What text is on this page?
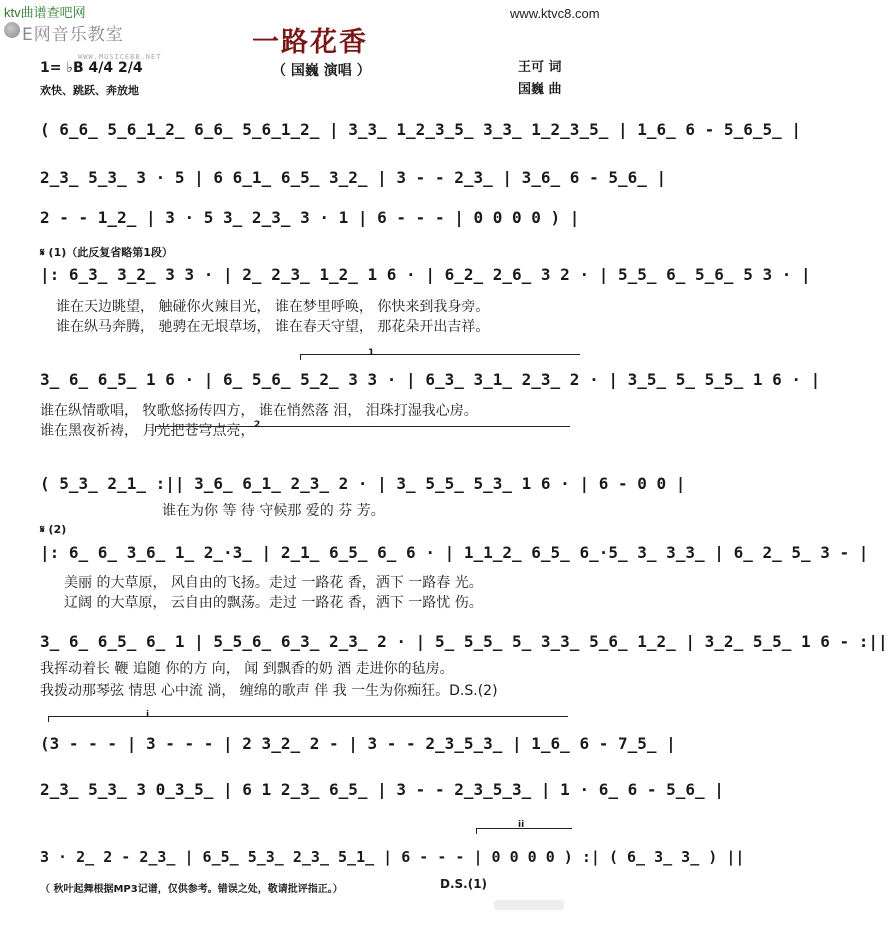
ktv曲谱查吧网
E网音乐教室
WWW.MUSICEBB.NET
www.ktvc8.com
一路花香
（ 国巍 演唱 ）	王可 词
国巍 曲
1= ♭B 4/4 2/4
欢快、跳跃、奔放地
( 6̲6̲ 5̲6̲1̲2̲ 6̲6̲ 5̲6̲1̲2̲ | 3̲3̲ 1̲2̲3̲5̲ 3̲3̲ 1̲2̲3̲5̲ | 1̲6̲ 6 - 5̲6̲5̲ |
2̲3̲ 5̲3̲ 3 · 5 | 6 6̲1̲ 6̲5̲ 3̲2̲ | 3 - - 2̲3̲ | 3̲6̲ 6 - 5̲6̲ |
2 - - 1̲2̲ | 3 · 5 3̲ 2̲3̲ 3 · 1 | 6 - - - | 0 0 0 0 ) |
𝄋 (1)（此反复省略第1段）
|: 6̲3̲ 3̲2̲ 3 3 · | 2̲ 2̲3̲ 1̲2̲ 1 6 · | 6̲2̲ 2̲6̲ 3 2 · | 5̲5̲ 6̲ 5̲6̲ 5 3 · |
谁在天边眺望， 触碰你火辣目光， 谁在梦里呼唤， 你快来到我身旁。
谁在纵马奔腾， 驰骋在无垠草场， 谁在春天守望， 那花朵开出吉祥。
1
3̲ 6̲ 6̲5̲ 1 6 · | 6̲ 5̲6̲ 5̲2̲ 3 3 · | 6̲3̲ 3̲1̲ 2̲3̲ 2 · | 3̲5̲ 5̲ 5̲5̲ 1 6 · |
谁在纵情歌唱， 牧歌悠扬传四方， 谁在悄然落 泪， 泪珠打湿我心房。
谁在黑夜祈祷， 月光把苍穹点亮， 2
( 5̲3̲ 2̲1̲ :|| 3̲6̲ 6̲1̲ 2̲3̲ 2 · | 3̲ 5̲5̲ 5̲3̲ 1 6 · | 6 - 0 0 |
谁在为你 等 待 守候那 爱的 芬 芳。
𝄋 (2)
|: 6̲ 6̲ 3̲6̲ 1̲ 2̲·3̲ | 2̲1̲ 6̲5̲ 6̲ 6 · | 1̲1̲2̲ 6̲5̲ 6̲·5̲ 3̲ 3̲3̲ | 6̲ 2̲ 5̲ 3 - |
美丽 的大草原， 风自由的飞扬。走过 一路花 香，洒下 一路春 光。
辽阔 的大草原， 云自由的飘荡。走过 一路花 香，洒下 一路忧 伤。
3̲ 6̲ 6̲5̲ 6̲ 1 | 5̲5̲6̲ 6̲3̲ 2̲3̲ 2 · | 5̲ 5̲5̲ 5̲ 3̲3̲ 5̲6̲ 1̲2̲ | 3̲2̲ 5̲5̲ 1 6 - :||
我挥动着长 鞭 追随 你的方 向， 闻 到飘香的奶 酒 走进你的毡房。
我拨动那琴弦 情思 心中流 淌， 缠绵的歌声 伴 我 一生为你痴狂。D.S.(2)
i
(3 - - - | 3 - - - | 2 3̲2̲ 2 - | 3 - - 2̲3̲5̲3̲ | 1̲6̲ 6 - 7̲5̲ |
2̲3̲ 5̲3̲ 3 0̲3̲5̲ | 6 1 2̲3̲ 6̲5̲ | 3 - - 2̲3̲5̲3̲ | 1 · 6̲ 6 - 5̲6̲ |
ii
3 · 2̲ 2 - 2̲3̲ | 6̲5̲ 5̲3̲ 2̲3̲ 5̲1̲ | 6 - - - | 0 0 0 0 ) :| ( 6̲ 3̲ 3̲ ) ||
（ 秋叶起舞根据MP3记谱，仅供参考。错误之处，敬请批评指正。）	D.S.(1)
